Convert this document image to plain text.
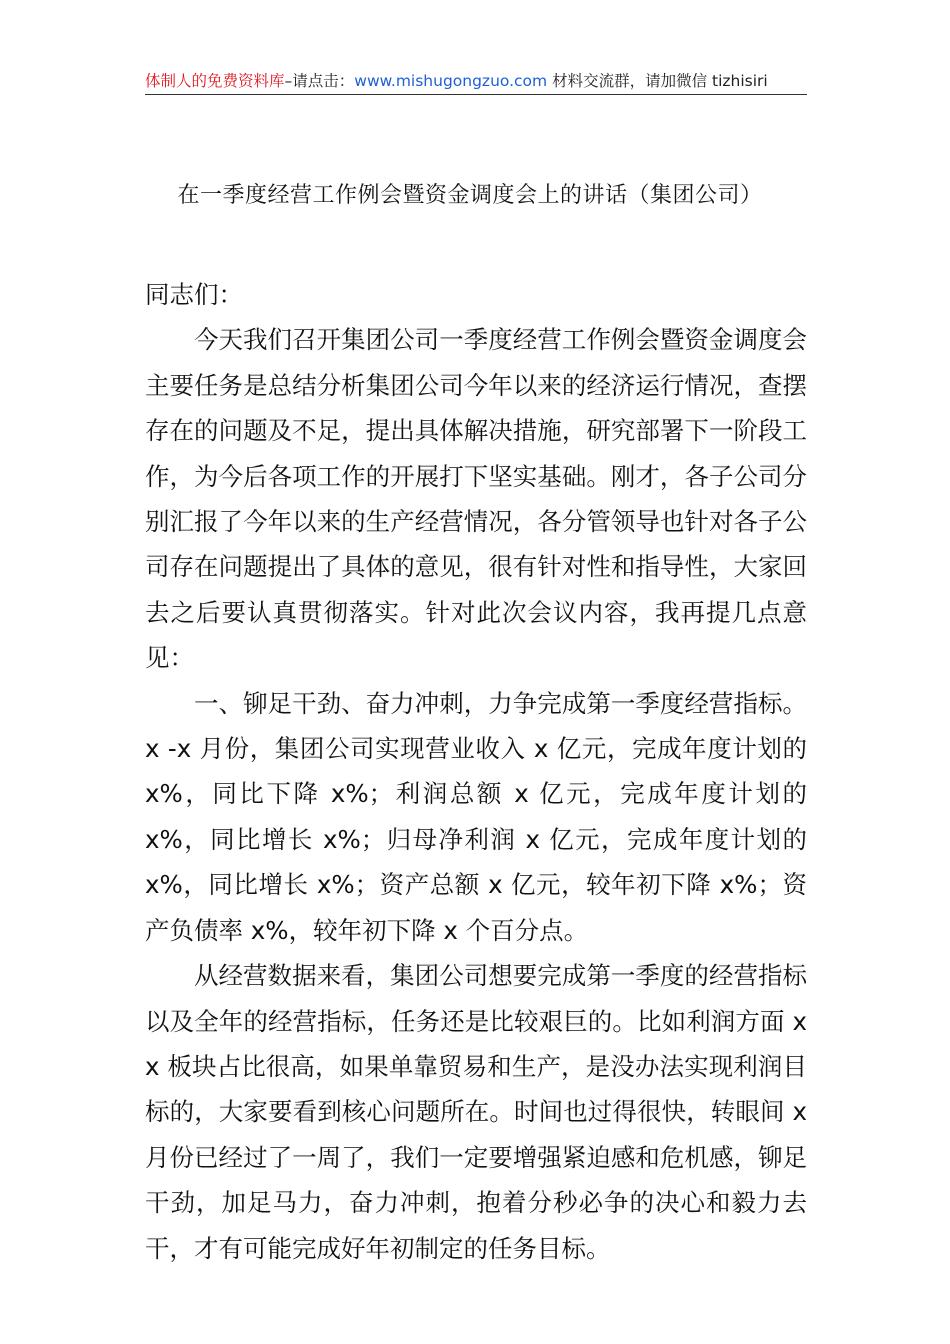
体制人的免费资料库–请点击：www.mishugongzuo.com 材料交流群，请加微信 tizhisiri
在一季度经营工作例会暨资金调度会上的讲话（集团公司）

同志们：

今天我们召开集团公司一季度经营工作例会暨资金调度会主要任务是总结分析集团公司今年以来的经济运行情况，查摆存在的问题及不足，提出具体解决措施，研究部署下一阶段工作，为今后各项工作的开展打下坚实基础。刚才，各子公司分别汇报了今年以来的生产经营情况，各分管领导也针对各子公司存在问题提出了具体的意见，很有针对性和指导性，大家回去之后要认真贯彻落实。针对此次会议内容，我再提几点意见：

一、铆足干劲、奋力冲刺，力争完成第一季度经营指标。x -x 月份，集团公司实现营业收入 x 亿元，完成年度计划的 x%，同比下降 x%；利润总额 x 亿元，完成年度计划的 x%，同比增长 x%；归母净利润 x 亿元，完成年度计划的 x%，同比增长 x%；资产总额 x 亿元，较年初下降 x%；资产负债率 x%，较年初下降 x 个百分点。

从经营数据来看，集团公司想要完成第一季度的经营指标以及全年的经营指标，任务还是比较艰巨的。比如利润方面 xx 板块占比很高，如果单靠贸易和生产，是没办法实现利润目标的，大家要看到核心问题所在。时间也过得很快，转眼间 x 月份已经过了一周了，我们一定要增强紧迫感和危机感，铆足干劲，加足马力，奋力冲刺，抱着分秒必争的决心和毅力去干，才有可能完成好年初制定的任务目标。
